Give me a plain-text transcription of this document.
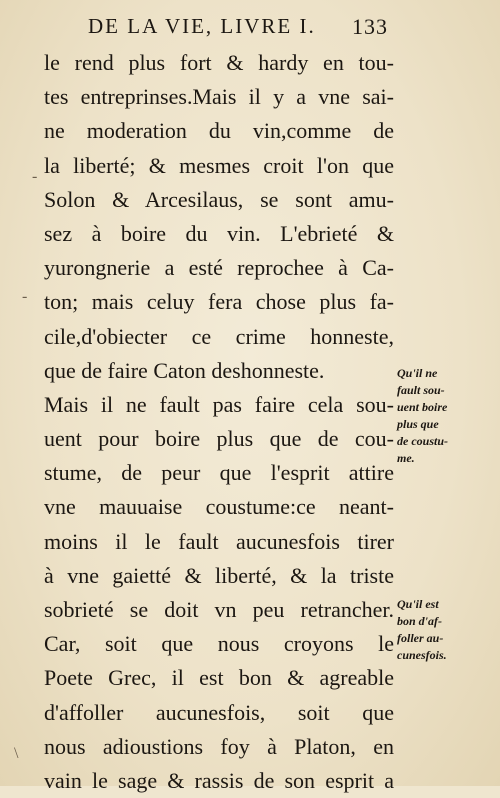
DE LA VIE, LIVRE I.	133
le rend plus fort & hardy en tou-
tes entreprinses.Mais il y a vne sai-
ne moderation du vin,comme de
la liberté; & mesmes croit l'on que
Solon & Arcesilaus, se sont amu-
sez à boire du vin. L'ebrieté &
yurongnerie a esté reprochee à Ca-
ton; mais celuy fera chose plus fa-
cile,d'obiecter ce crime honneste,
que de faire Caton deshonneste.
Mais il ne fault pas faire cela sou-
uent pour boire plus que de cou-
stume, de peur que l'esprit attire
vne mauuaise coustume:ce neant-
moins il le fault aucunesfois tirer
à vne gaietté & liberté, & la triste
sobrieté se doit vn peu retrancher.
Car, soit que nous croyons le
Poete Grec, il est bon & agreable
d'affoller aucunesfois, soit que
nous adioustions foy à Platon, en
vain le sage & rassis de son esprit a
Qu'il ne
fault sou-
uent boire
plus que
de coustu-
me.
Qu'il est
bon d'af-
foller au-
cunesfois.
-
-
\
